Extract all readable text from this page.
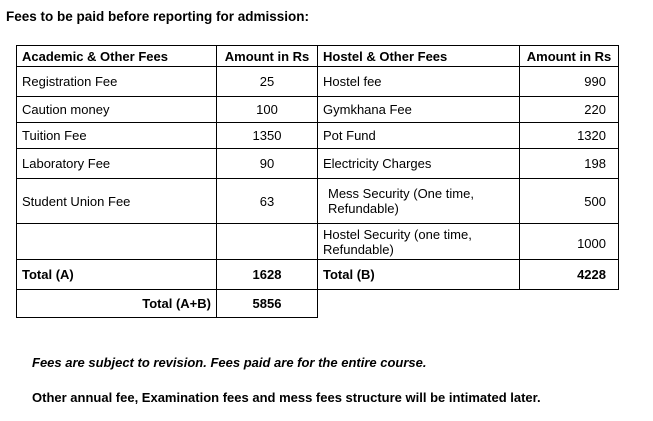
Fees to be paid before reporting for admission:
Academic & Other Fees	Amount in Rs	Hostel & Other Fees	Amount in Rs
Registration Fee	25	Hostel fee	990
Caution money	100	Gymkhana Fee	220
Tuition Fee	1350	Pot Fund	1320
Laboratory Fee	90	Electricity Charges	198
Student Union Fee	63	Mess Security (One time, Refundable)	500
		Hostel Security (one time, Refundable)	1000
Total (A)	1628	Total (B)	4228
Total (A+B)	5856		
Fees are subject to revision. Fees paid are for the entire course.
Other annual fee, Examination fees and mess fees structure will be intimated later.
